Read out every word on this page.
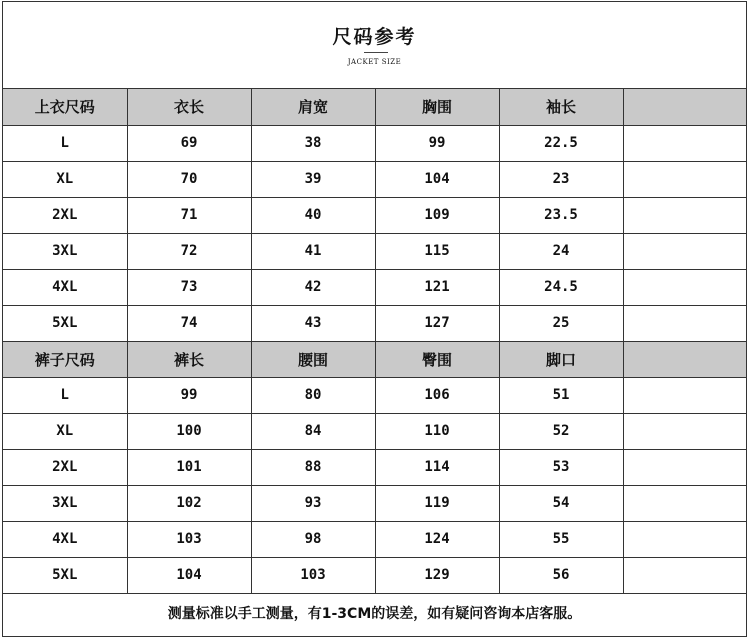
尺码参考
JACKET SIZE
上衣尺码	衣长	肩宽	胸围	袖长	
L	69	38	99	22.5	
XL	70	39	104	23	
2XL	71	40	109	23.5	
3XL	72	41	115	24	
4XL	73	42	121	24.5	
5XL	74	43	127	25	
裤子尺码	裤长	腰围	臀围	脚口	
L	99	80	106	51	
XL	100	84	110	52	
2XL	101	88	114	53	
3XL	102	93	119	54	
4XL	103	98	124	55	
5XL	104	103	129	56	
测量标准以手工测量，有1-3CM的误差，如有疑问咨询本店客服。
